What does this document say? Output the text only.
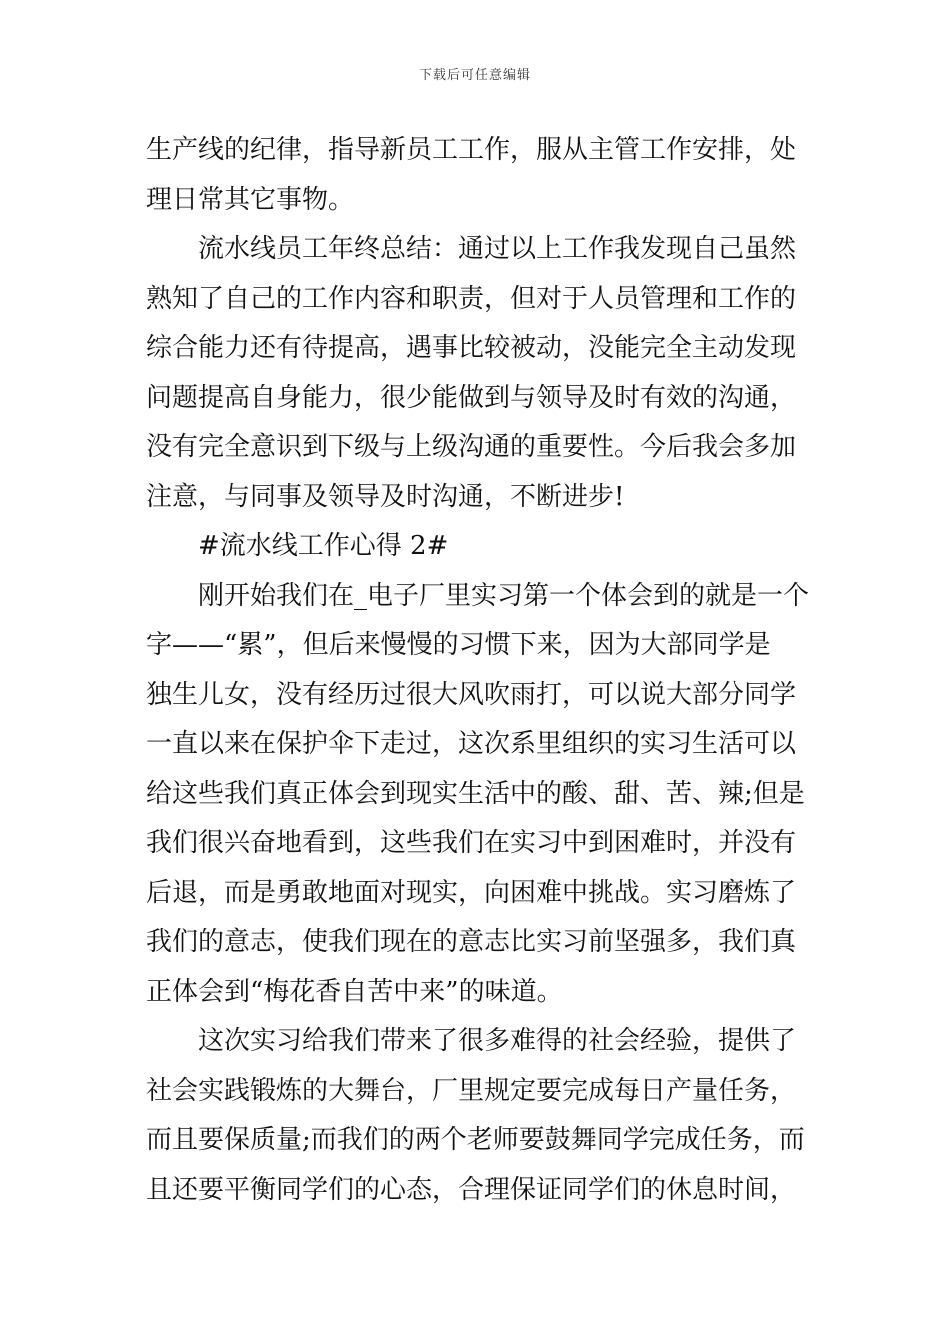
下载后可任意编辑
生产线的纪律，指导新员工工作，服从主管工作安排，处
理日常其它事物。
流水线员工年终总结：通过以上工作我发现自己虽然
熟知了自己的工作内容和职责，但对于人员管理和工作的
综合能力还有待提高，遇事比较被动，没能完全主动发现
问题提高自身能力，很少能做到与领导及时有效的沟通，
没有完全意识到下级与上级沟通的重要性。今后我会多加
注意，与同事及领导及时沟通，不断进步!
#流水线工作心得 2#
刚开始我们在_电子厂里实习第一个体会到的就是一个
字——“累”，但后来慢慢的习惯下来，因为大部同学是
独生儿女，没有经历过很大风吹雨打，可以说大部分同学
一直以来在保护伞下走过，这次系里组织的实习生活可以
给这些我们真正体会到现实生活中的酸、甜、苦、辣;但是
我们很兴奋地看到，这些我们在实习中到困难时，并没有
后退，而是勇敢地面对现实，向困难中挑战。实习磨炼了
我们的意志，使我们现在的意志比实习前坚强多，我们真
正体会到“梅花香自苦中来”的味道。
这次实习给我们带来了很多难得的社会经验，提供了
社会实践锻炼的大舞台，厂里规定要完成每日产量任务，
而且要保质量;而我们的两个老师要鼓舞同学完成任务，而
且还要平衡同学们的心态，合理保证同学们的休息时间，
